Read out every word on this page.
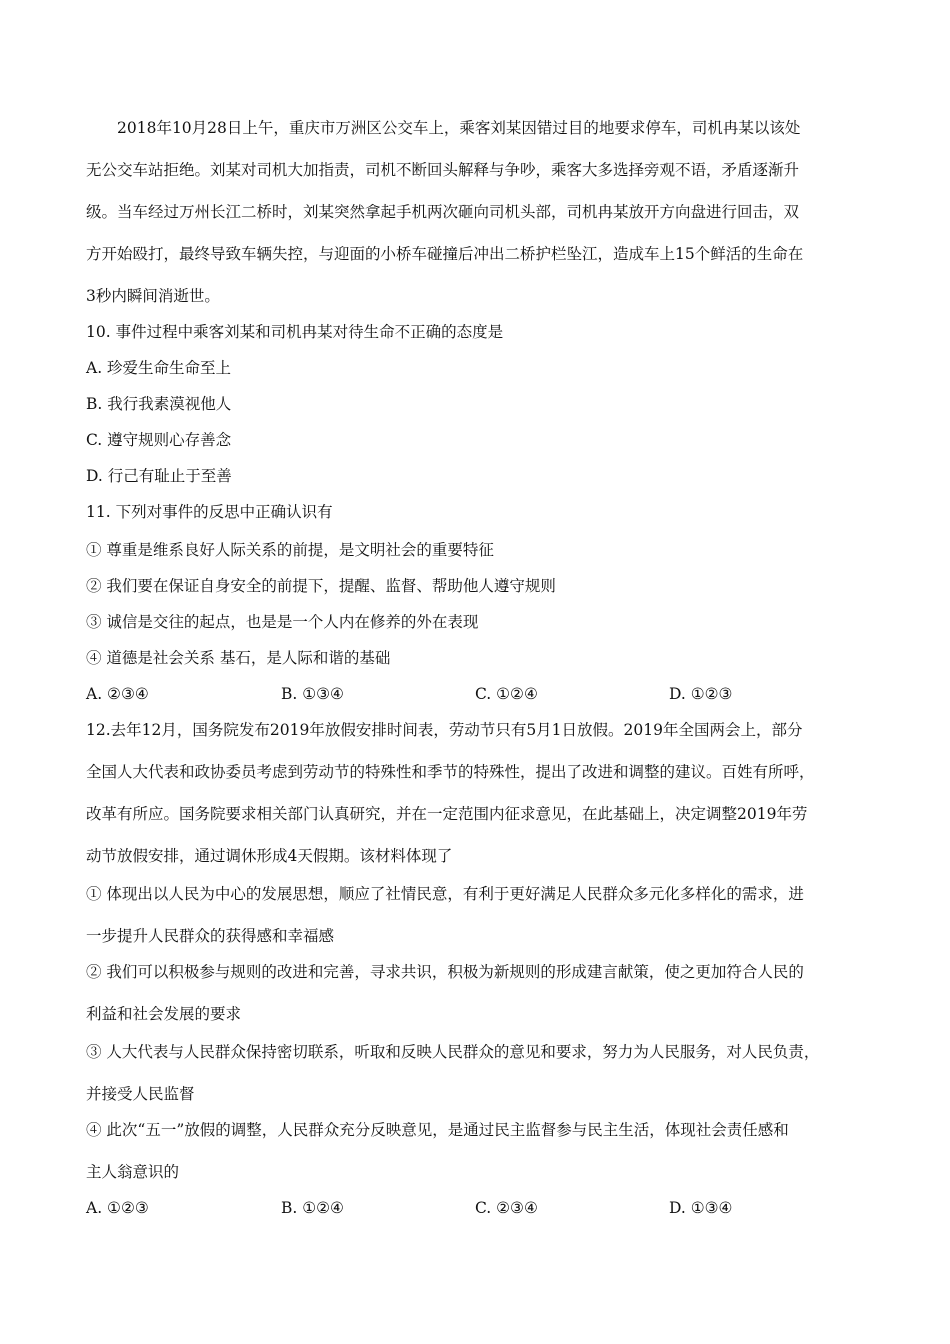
2018年10月28日上午，重庆市万洲区公交车上，乘客刘某因错过目的地要求停车，司机冉某以该处
无公交车站拒绝。刘某对司机大加指责，司机不断回头解释与争吵，乘客大多选择旁观不语，矛盾逐渐升
级。当车经过万州长江二桥时，刘某突然拿起手机两次砸向司机头部，司机冉某放开方向盘进行回击，双
方开始殴打，最终导致车辆失控，与迎面的小桥车碰撞后冲出二桥护栏坠江，造成车上15个鲜活的生命在
3秒内瞬间消逝世。
10. 事件过程中乘客刘某和司机冉某对待生命不正确的态度是
A. 珍爱生命生命至上
B. 我行我素漠视他人
C. 遵守规则心存善念
D. 行己有耻止于至善
11. 下列对事件的反思中正确认识有
① 尊重是维系良好人际关系的前提，是文明社会的重要特征
② 我们要在保证自身安全的前提下，提醒、监督、帮助他人遵守规则
③ 诚信是交往的起点，也是是一个人内在修养的外在表现
④ 道德是社会关系 基石，是人际和谐的基础
A. ②③④	B. ①③④	C. ①②④	D. ①②③
12.去年12月，国务院发布2019年放假安排时间表，劳动节只有5月1日放假。2019年全国两会上，部分
全国人大代表和政协委员考虑到劳动节的特殊性和季节的特殊性，提出了改进和调整的建议。百姓有所呼，
改革有所应。国务院要求相关部门认真研究，并在一定范围内征求意见，在此基础上，决定调整2019年劳
动节放假安排，通过调休形成4天假期。该材料体现了
① 体现出以人民为中心的发展思想，顺应了社情民意，有利于更好满足人民群众多元化多样化的需求，进
一步提升人民群众的获得感和幸福感
② 我们可以积极参与规则的改进和完善，寻求共识，积极为新规则的形成建言献策，使之更加符合人民的
利益和社会发展的要求
③ 人大代表与人民群众保持密切联系，听取和反映人民群众的意见和要求，努力为人民服务，对人民负责，
并接受人民监督
④ 此次“五一”放假的调整，人民群众充分反映意见，是通过民主监督参与民主生活，体现社会责任感和
主人翁意识的
A. ①②③	B. ①②④	C. ②③④	D. ①③④
